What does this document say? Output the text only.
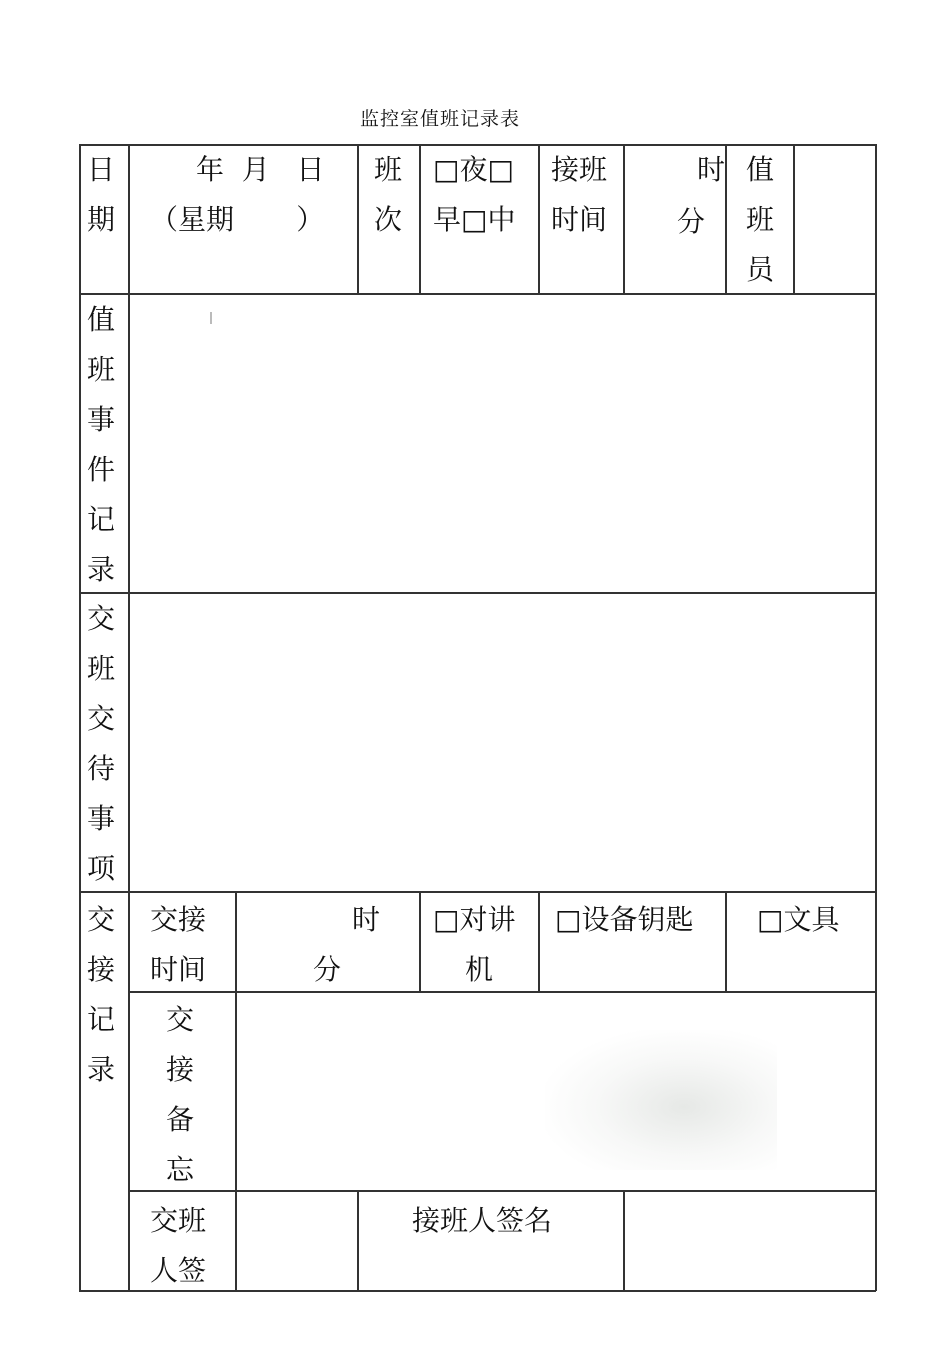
监控室值班记录表
日
期
年  月   日
（星期       ）
班
次
□夜□
早□中
接班
时间
时
分
值
班
员
值
班
事
件
记
录
交
班
交
待
事
项
交
接
记
录
交接
时间
时
分
□对讲
机
□设备钥匙 □文具
交
接
备
忘
交班
人签
接班人签名
